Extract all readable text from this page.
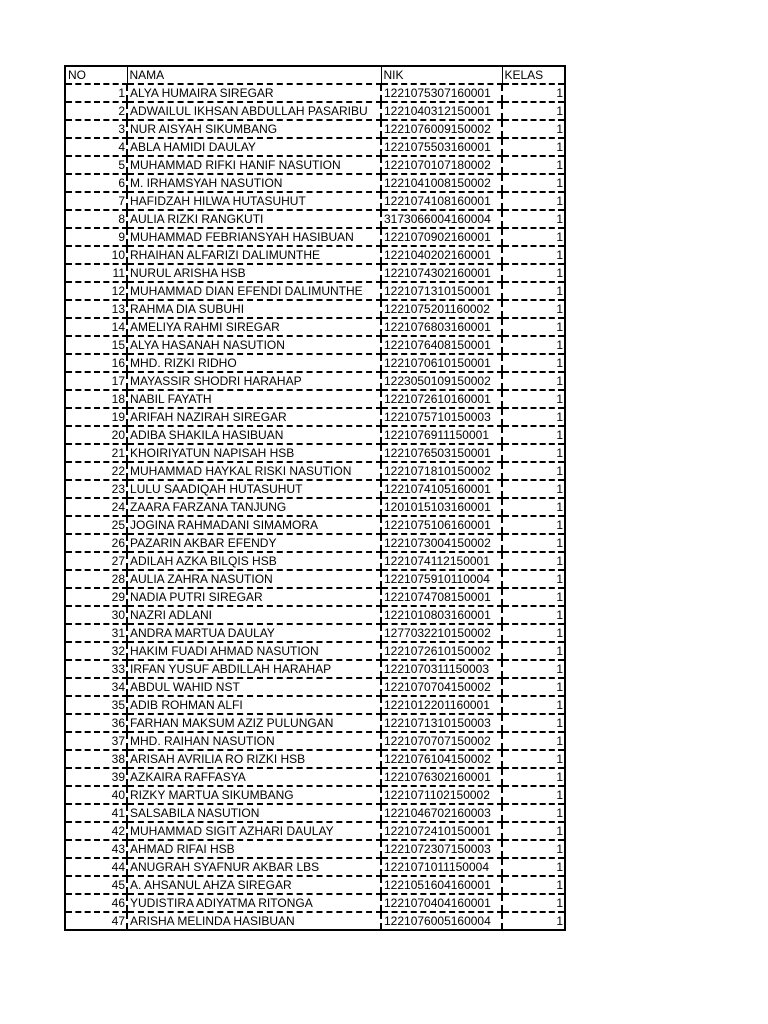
NO	NAMA	NIK	KELAS
1	ALYA HUMAIRA SIREGAR	1221075307160001	1
2	ADWAILUL IKHSAN ABDULLAH PASARIBU	1221040312150001	1
3	NUR AISYAH SIKUMBANG	1221076009150002	1
4	ABLA HAMIDI DAULAY	1221075503160001	1
5	MUHAMMAD RIFKI HANIF NASUTION	1221070107180002	1
6	M. IRHAMSYAH NASUTION	1221041008150002	1
7	HAFIDZAH HILWA HUTASUHUT	1221074108160001	1
8	AULIA RIZKI RANGKUTI	3173066004160004	1
9	MUHAMMAD FEBRIANSYAH HASIBUAN	1221070902160001	1
10	RHAIHAN ALFARIZI DALIMUNTHE	1221040202160001	1
11	NURUL ARISHA HSB	1221074302160001	1
12	MUHAMMAD DIAN EFENDI DALIMUNTHE	1221071310150001	1
13	RAHMA DIA SUBUHI	1221075201160002	1
14	AMELIYA RAHMI SIREGAR	1221076803160001	1
15	ALYA HASANAH NASUTION	1221076408150001	1
16	MHD. RIZKI RIDHO	1221070610150001	1
17	MAYASSIR SHODRI HARAHAP	1223050109150002	1
18	NABIL FAYATH	1221072610160001	1
19	ARIFAH NAZIRAH SIREGAR	1221075710150003	1
20	ADIBA SHAKILA HASIBUAN	1221076911150001	1
21	KHOIRIYATUN NAPISAH HSB	1221076503150001	1
22	MUHAMMAD HAYKAL RISKI NASUTION	1221071810150002	1
23	LULU SAADIQAH HUTASUHUT	1221074105160001	1
24	ZAARA FARZANA TANJUNG	1201015103160001	1
25	JOGINA RAHMADANI SIMAMORA	1221075106160001	1
26	PAZARIN AKBAR EFENDY	1221073004150002	1
27	ADILAH AZKA BILQIS HSB	1221074112150001	1
28	AULIA ZAHRA NASUTION	1221075910110004	1
29	NADIA PUTRI SIREGAR	1221074708150001	1
30	NAZRI ADLANI	1221010803160001	1
31	ANDRA MARTUA DAULAY	1277032210150002	1
32	HAKIM FUADI AHMAD NASUTION	1221072610150002	1
33	IRFAN YUSUF ABDILLAH HARAHAP	1221070311150003	1
34	ABDUL WAHID NST	1221070704150002	1
35	ADIB ROHMAN ALFI	1221012201160001	1
36	FARHAN MAKSUM AZIZ PULUNGAN	1221071310150003	1
37	MHD. RAIHAN NASUTION	1221070707150002	1
38	ARISAH AVRILIA RO RIZKI HSB	1221076104150002	1
39	AZKAIRA RAFFASYA	1221076302160001	1
40	RIZKY MARTUA SIKUMBANG	1221071102150002	1
41	SALSABILA NASUTION	1221046702160003	1
42	MUHAMMAD SIGIT AZHARI DAULAY	1221072410150001	1
43	AHMAD RIFAI HSB	1221072307150003	1
44	ANUGRAH SYAFNUR AKBAR LBS	1221071011150004	1
45	A. AHSANUL AHZA SIREGAR	1221051604160001	1
46	YUDISTIRA ADIYATMA RITONGA	1221070404160001	1
47	ARISHA MELINDA HASIBUAN	1221076005160004	1
